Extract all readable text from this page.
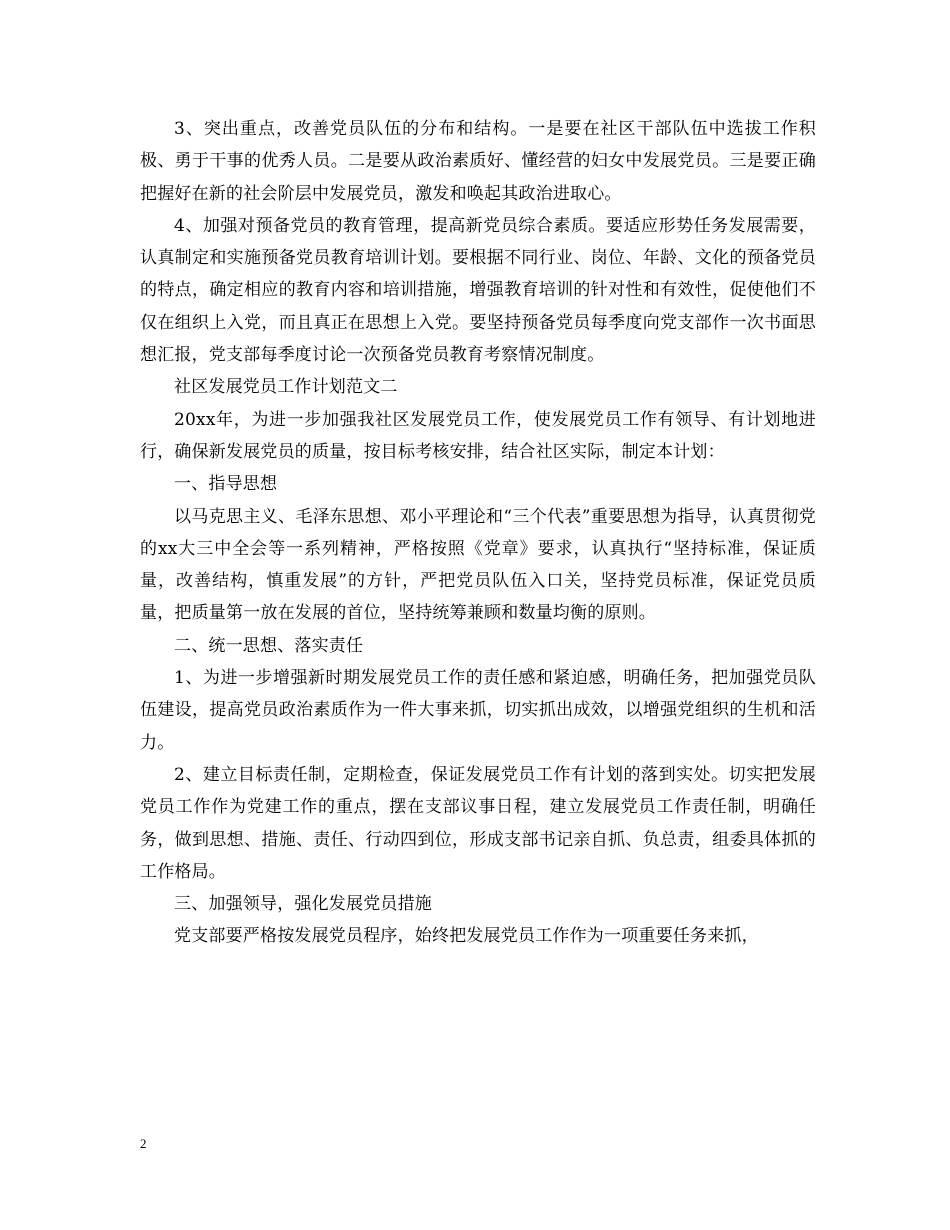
3、突出重点，改善党员队伍的分布和结构。一是要在社区干部队伍中选拔工作积极、勇于干事的优秀人员。二是要从政治素质好、懂经营的妇女中发展党员。三是要正确把握好在新的社会阶层中发展党员，激发和唤起其政治进取心。

4、加强对预备党员的教育管理，提高新党员综合素质。要适应形势任务发展需要，认真制定和实施预备党员教育培训计划。要根据不同行业、岗位、年龄、文化的预备党员的特点，确定相应的教育内容和培训措施，增强教育培训的针对性和有效性，促使他们不仅在组织上入党，而且真正在思想上入党。要坚持预备党员每季度向党支部作一次书面思想汇报，党支部每季度讨论一次预备党员教育考察情况制度。

社区发展党员工作计划范文二

20xx年，为进一步加强我社区发展党员工作，使发展党员工作有领导、有计划地进行，确保新发展党员的质量，按目标考核安排，结合社区实际，制定本计划：

一、指导思想

以马克思主义、毛泽东思想、邓小平理论和“三个代表”重要思想为指导，认真贯彻党的xx大三中全会等一系列精神，严格按照《党章》要求，认真执行“坚持标准，保证质量，改善结构，慎重发展”的方针，严把党员队伍入口关，坚持党员标准，保证党员质量，把质量第一放在发展的首位，坚持统筹兼顾和数量均衡的原则。

二、统一思想、落实责任

1、为进一步增强新时期发展党员工作的责任感和紧迫感，明确任务，把加强党员队伍建设，提高党员政治素质作为一件大事来抓，切实抓出成效，以增强党组织的生机和活力。

2、建立目标责任制，定期检查，保证发展党员工作有计划的落到实处。切实把发展党员工作作为党建工作的重点，摆在支部议事日程，建立发展党员工作责任制，明确任务，做到思想、措施、责任、行动四到位，形成支部书记亲自抓、负总责，组委具体抓的工作格局。

三、加强领导，强化发展党员措施

党支部要严格按发展党员程序，始终把发展党员工作作为一项重要任务来抓，

2
